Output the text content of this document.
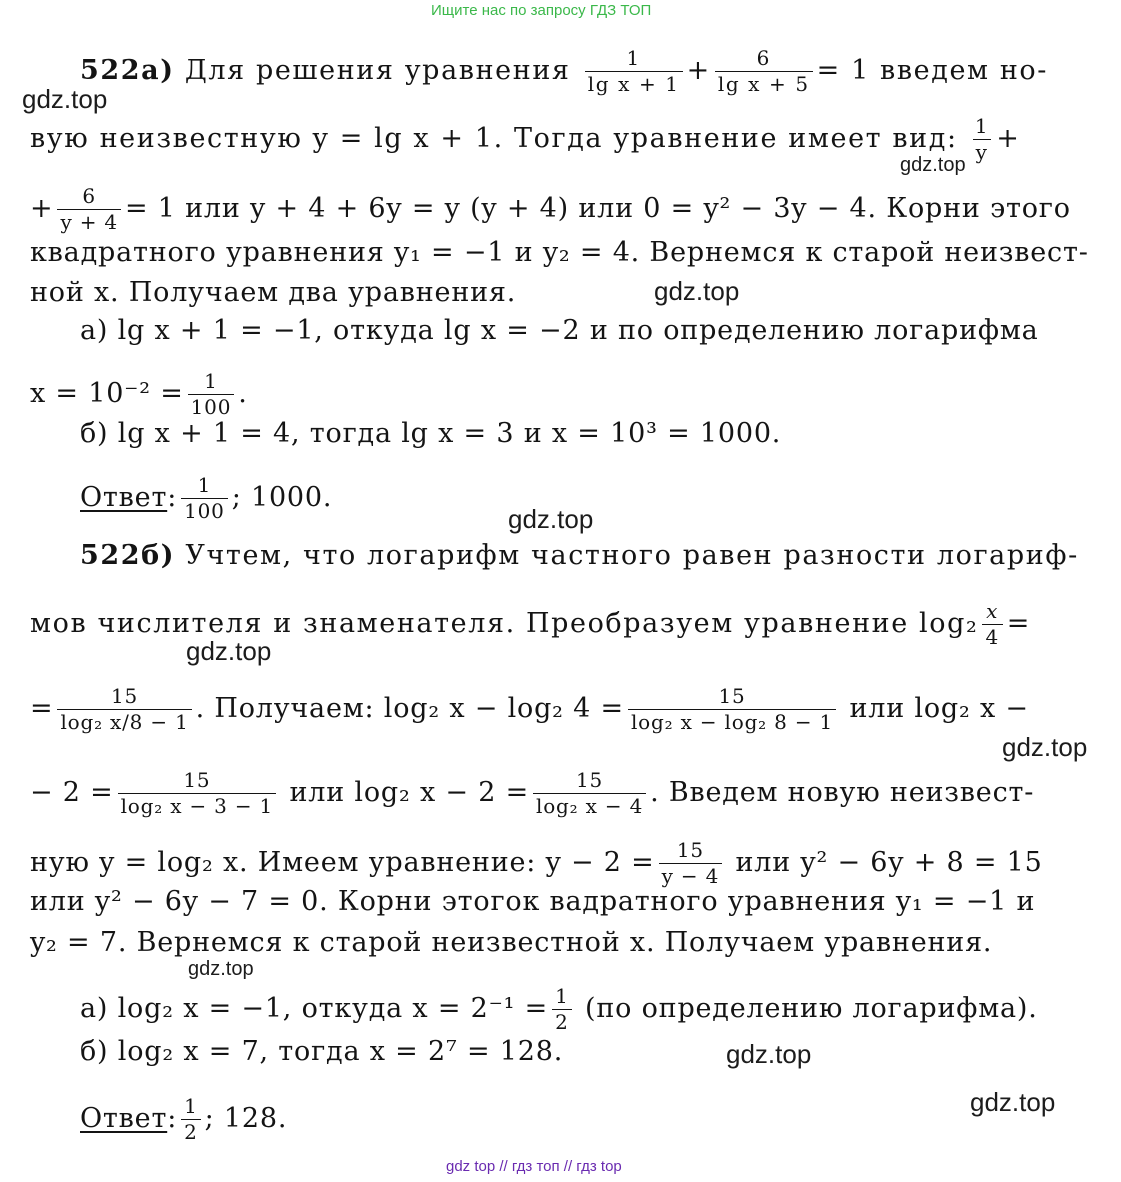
Ищите нас по запросу ГДЗ ТОП
gdz top // гдз топ // гдз top
gdz.top
gdz.top
gdz.top
gdz.top
gdz.top
gdz.top
gdz.top
gdz.top
gdz.top
522а) Для решения уравнения $\frac{1}{\text{lg x + 1}} + \frac{6}{\text{lg x + 5}} = 1$ введем но-
вую неизвестную y = lg x + 1. Тогда уравнение имеет вид: $\frac{1}{y}$ +
+ $\frac{6}{y + 4} = 1$ или y + 4 + 6y = y (y + 4) или 0 = y² − 3y − 4. Корни этого
квадратного уравнения y₁ = −1 и y₂ = 4. Вернемся к старой неизвест-
ной x. Получаем два уравнения.
а) lg x + 1 = −1, откуда lg x = −2 и по определению логарифма
$x = 10^{-2} = \frac{1}{100}$ .
б) lg x + 1 = 4, тогда lg x = 3 и x = 10³ = 1000.
Ответ: $\frac{1}{100}$ ; 1000.
522б) Учтем, что логарифм частного равен разности логариф-
мов числителя и знаменателя. Преобразуем уравнение $\log_2 \frac{x}{4}$ =
= $\frac{15}{\text{log₂ x/8 − 1}}$ . Получаем: log₂ x − log₂ $4 = \frac{15}{\text{log₂ x − log₂ 8 − 1}}$ или log₂ x −
− $2 = \frac{15}{\text{log₂ x − 3 − 1}}$ или log₂ $x - 2 = \frac{15}{\text{log₂ x − 4}}$ . Введем новую неизвест-
ную y = log₂ x. Имеем уравнение: $y - 2 = \frac{15}{y - 4}$ или y² − 6y + 8 = 15
или y² − 6y − 7 = 0. Корни этогок вадратного уравнения y₁ = −1 и
y₂ = 7. Вернемся к старой неизвестной x. Получаем уравнения.
а) log₂ x = −1, откуда $x = 2^{-1} = \frac{1}{2} (по$ определению логарифма).
б) log₂ x = 7, тогда x = 2⁷ = 128.
Ответ: $\frac{1}{2}$ ; 128.
